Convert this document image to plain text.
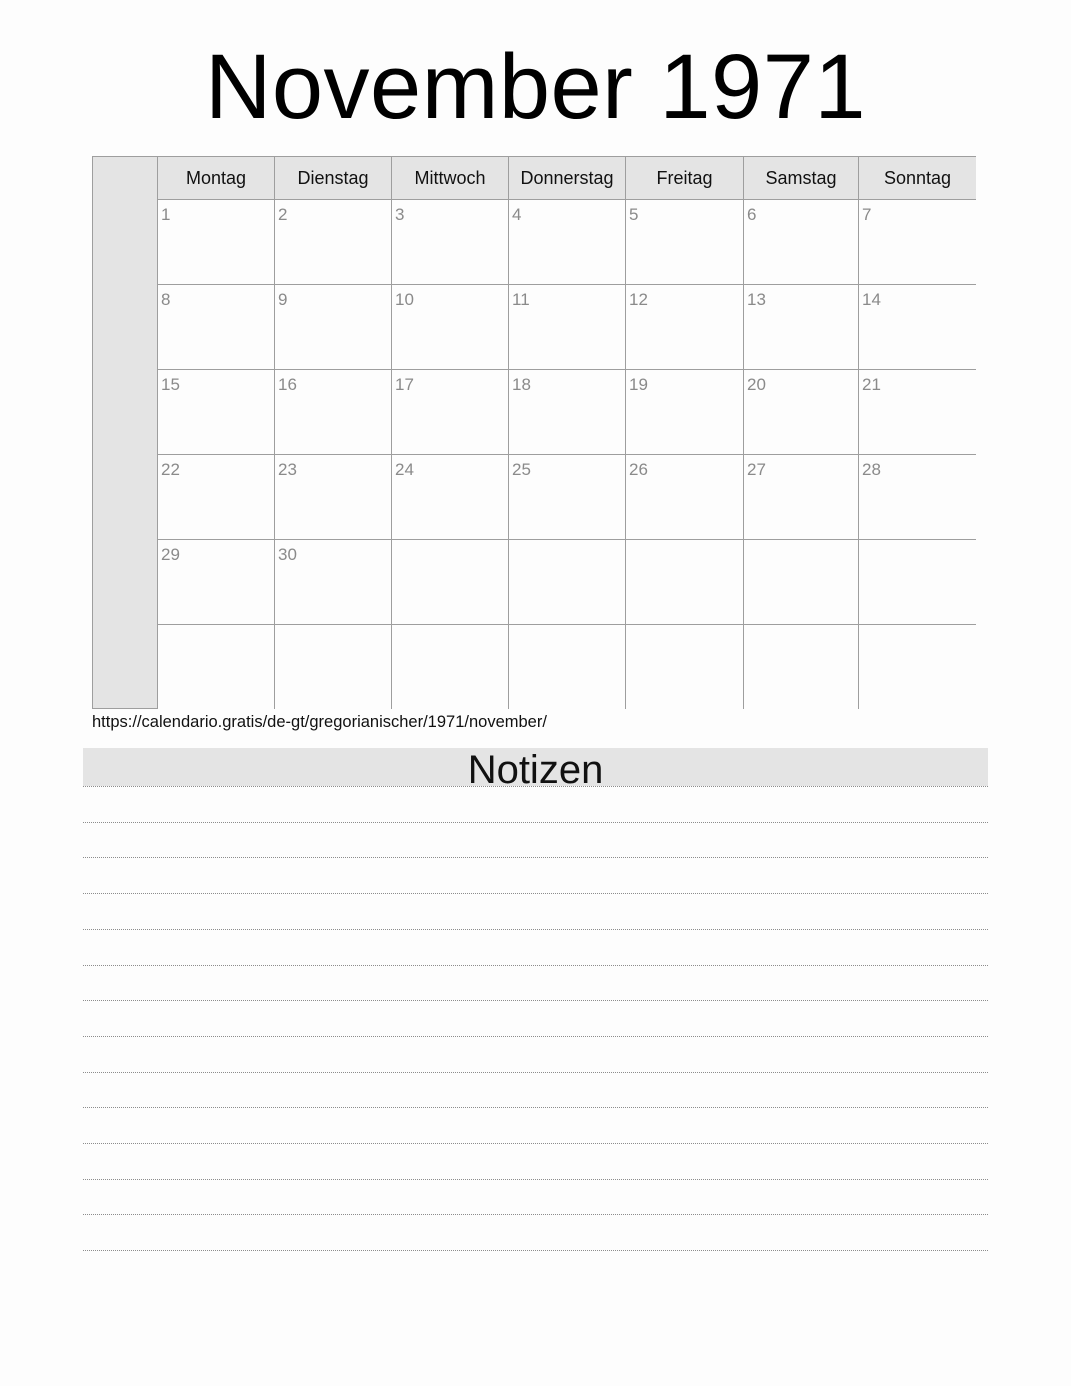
November 1971
Montag	Dienstag	Mittwoch	Donnerstag	Freitag	Samstag	Sonntag
1	2	3	4	5	6	7
8	9	10	11	12	13	14
15	16	17	18	19	20	21
22	23	24	25	26	27	28
29	30
https://calendario.gratis/de-gt/gregorianischer/1971/november/
Notizen
